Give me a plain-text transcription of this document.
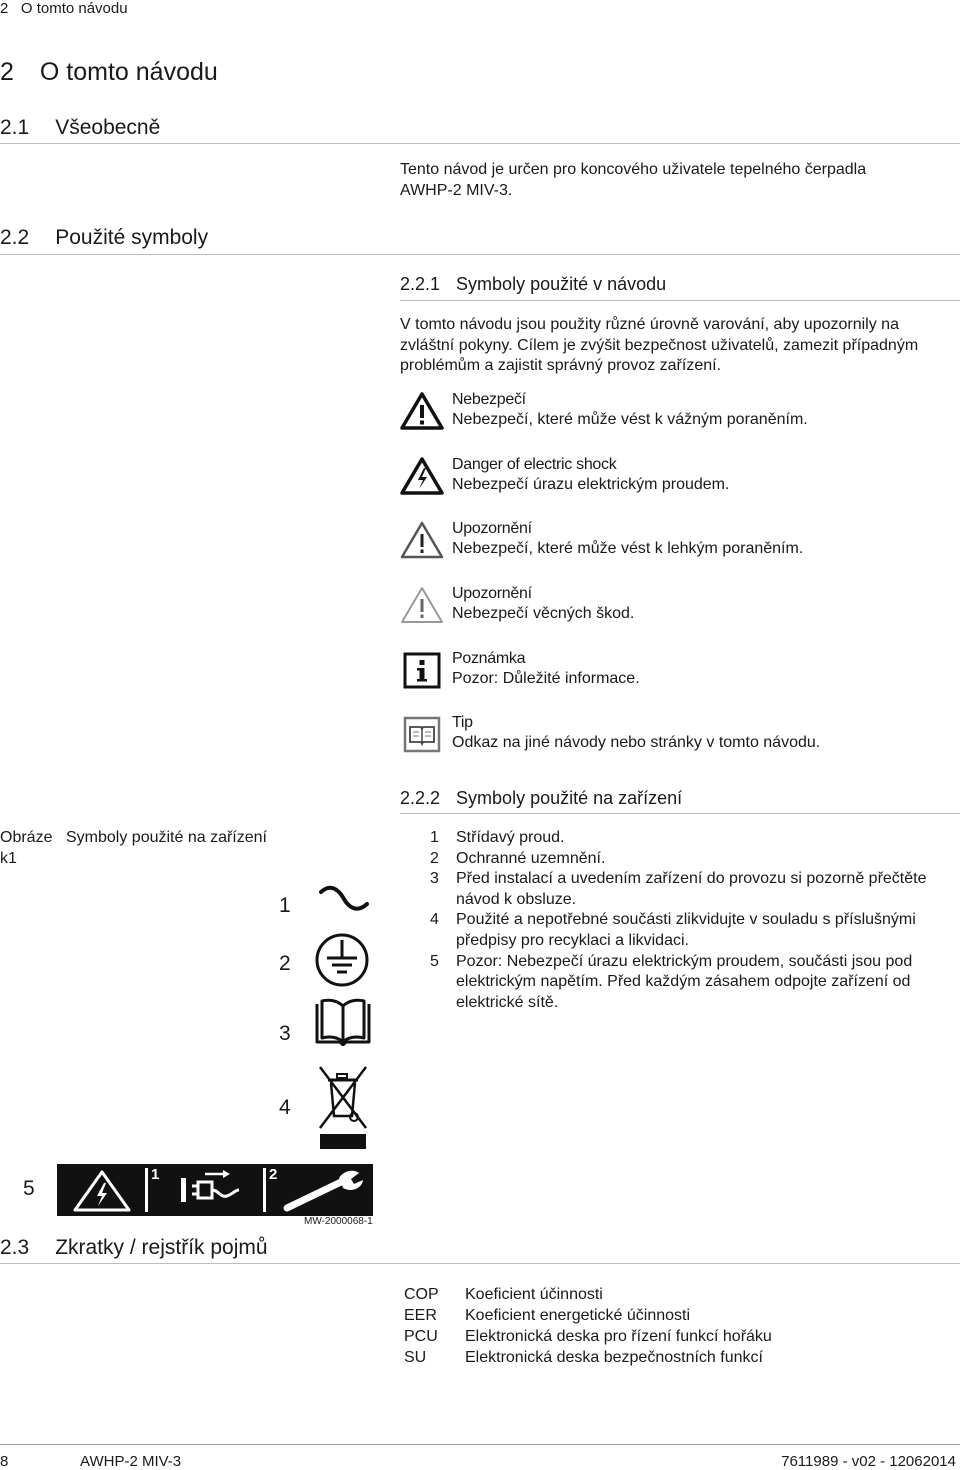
2 O tomto návodu
2 O tomto návodu
2.1 Všeobecně
Tento návod je určen pro koncového uživatele tepelného čerpadla
AWHP-2 MIV-3.
2.2 Použité symboly
2.2.1 Symboly použité v návodu
V tomto návodu jsou použity různé úrovně varování, aby upozornily na
zvláštní pokyny. Cílem je zvýšit bezpečnost uživatelů, zamezit případným
problémům a zajistit správný provoz zařízení.
Nebezpečí
Nebezpečí, které může vést k vážným poraněním.
Danger of electric shock
Nebezpečí úrazu elektrickým proudem.
Upozornění
Nebezpečí, které může vést k lehkým poraněním.
Upozornění
Nebezpečí věcných škod.
Poznámka
Pozor: Důležité informace.
Tip
Odkaz na jiné návody nebo stránky v tomto návodu.
2.2.2 Symboly použité na zařízení
Obráze Symboly použité na zařízení
k1
1
2
3
4
5
1	2
MW-2000068-1
1 Střídavý proud.
2 Ochranné uzemnění.
3 Před instalací a uvedením zařízení do provozu si pozorně přečtěte
návod k obsluze.
4 Použité a nepotřebné součásti zlikvidujte v souladu s příslušnými
předpisy pro recyklaci a likvidaci.
5 Pozor: Nebezpečí úrazu elektrickým proudem, součásti jsou pod
elektrickým napětím. Před každým zásahem odpojte zařízení od
elektrické sítě.
2.3 Zkratky / rejstřík pojmů
COP Koeficient účinnosti
EER Koeficient energetické účinnosti
PCU Elektronická deska pro řízení funkcí hořáku
SU Elektronická deska bezpečnostních funkcí
8	AWHP-2 MIV-3	7611989 - v02 - 12062014
